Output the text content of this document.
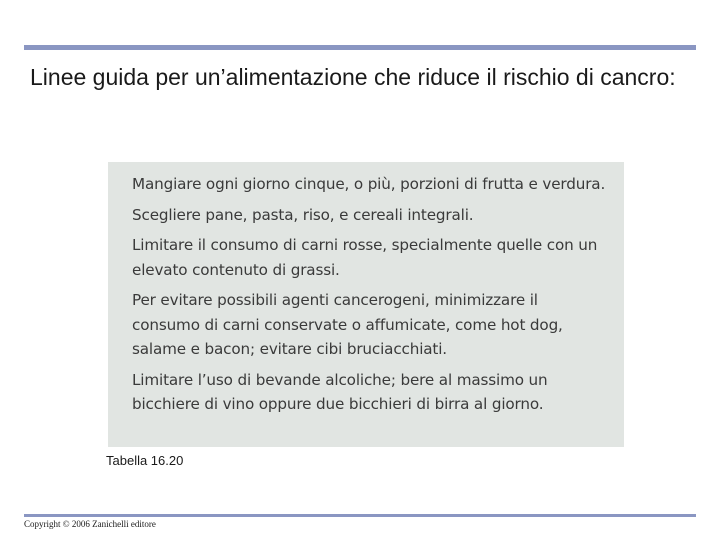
Linee guida per un’alimentazione che riduce il rischio di cancro:
Mangiare ogni giorno cinque, o più, porzioni di frutta e verdura.
Scegliere pane, pasta, riso, e cereali integrali.
Limitare il consumo di carni rosse, specialmente quelle con un elevato contenuto di grassi.
Per evitare possibili agenti cancerogeni, minimizzare il consumo di carni conservate o affumicate, come hot dog, salame e bacon; evitare cibi bruciacchiati.
Limitare l’uso di bevande alcoliche; bere al massimo un bicchiere di vino oppure due bicchieri di birra al giorno.
Tabella 16.20
Copyright © 2006 Zanichelli editore
